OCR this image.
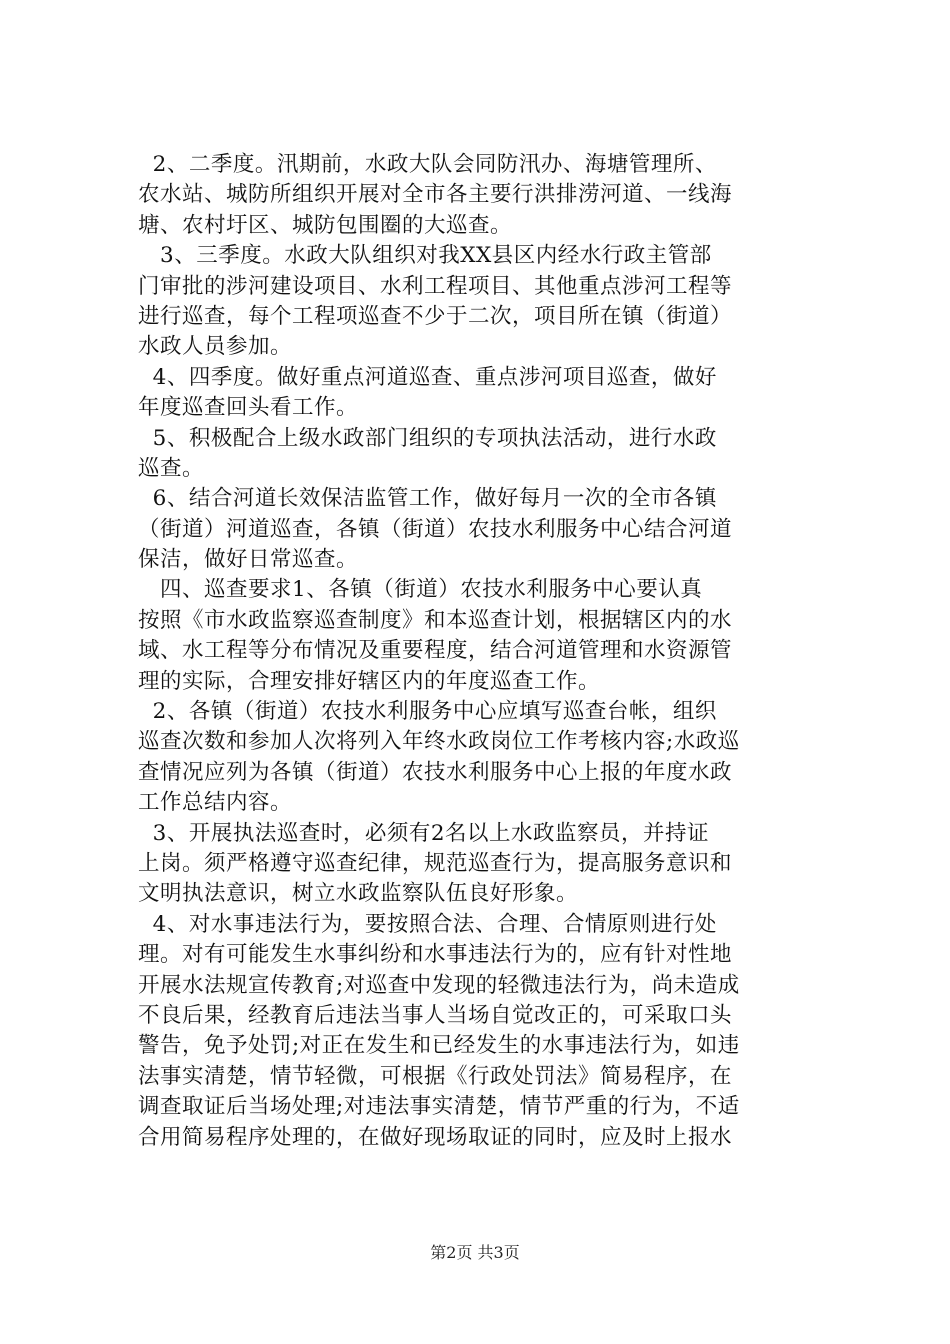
2、二季度。汛期前，水政大队会同防汛办、海塘管理所、
农水站、城防所组织开展对全市各主要行洪排涝河道、一线海
塘、农村圩区、城防包围圈的大巡查。
3、三季度。水政大队组织对我XX县区内经水行政主管部
门审批的涉河建设项目、水利工程项目、其他重点涉河工程等
进行巡查，每个工程项巡查不少于二次，项目所在镇（街道）
水政人员参加。
4、四季度。做好重点河道巡查、重点涉河项目巡查，做好
年度巡查回头看工作。
5、积极配合上级水政部门组织的专项执法活动，进行水政
巡查。
6、结合河道长效保洁监管工作，做好每月一次的全市各镇
（街道）河道巡查，各镇（街道）农技水利服务中心结合河道
保洁，做好日常巡查。
四、巡查要求1、各镇（街道）农技水利服务中心要认真
按照《市水政监察巡查制度》和本巡查计划，根据辖区内的水
域、水工程等分布情况及重要程度，结合河道管理和水资源管
理的实际，合理安排好辖区内的年度巡查工作。
2、各镇（街道）农技水利服务中心应填写巡查台帐，组织
巡查次数和参加人次将列入年终水政岗位工作考核内容;水政巡
查情况应列为各镇（街道）农技水利服务中心上报的年度水政
工作总结内容。
3、开展执法巡查时，必须有2名以上水政监察员，并持证
上岗。须严格遵守巡查纪律，规范巡查行为，提高服务意识和
文明执法意识，树立水政监察队伍良好形象。
4、对水事违法行为，要按照合法、合理、合情原则进行处
理。对有可能发生水事纠纷和水事违法行为的，应有针对性地
开展水法规宣传教育;对巡查中发现的轻微违法行为，尚未造成
不良后果，经教育后违法当事人当场自觉改正的，可采取口头
警告，免予处罚;对正在发生和已经发生的水事违法行为，如违
法事实清楚，情节轻微，可根据《行政处罚法》简易程序，在
调查取证后当场处理;对违法事实清楚，情节严重的行为，不适
合用简易程序处理的，在做好现场取证的同时，应及时上报水
第2页 共3页
